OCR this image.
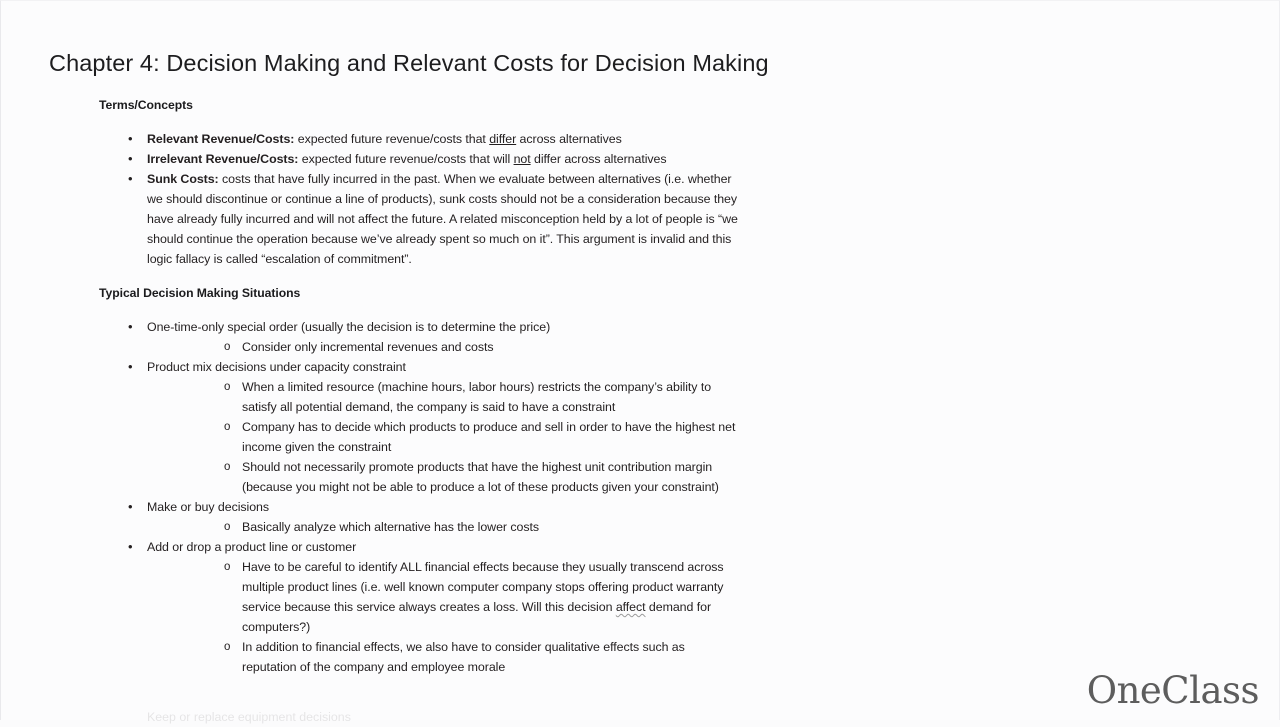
Chapter 4: Decision Making and Relevant Costs for Decision Making
Terms/Concepts
• Relevant Revenue/Costs: expected future revenue/costs that differ across alternatives
• Irrelevant Revenue/Costs: expected future revenue/costs that will not differ across alternatives
• Sunk Costs: costs that have fully incurred in the past. When we evaluate between alternatives (i.e. whether we should discontinue or continue a line of products), sunk costs should not be a consideration because they have already fully incurred and will not affect the future. A related misconception held by a lot of people is “we should continue the operation because we’ve already spent so much on it”. This argument is invalid and this logic fallacy is called “escalation of commitment”.
Typical Decision Making Situations
• One-time-only special order (usually the decision is to determine the price)
o Consider only incremental revenues and costs
• Product mix decisions under capacity constraint
o When a limited resource (machine hours, labor hours) restricts the company’s ability to satisfy all potential demand, the company is said to have a constraint
o Company has to decide which products to produce and sell in order to have the highest net income given the constraint
o Should not necessarily promote products that have the highest unit contribution margin (because you might not be able to produce a lot of these products given your constraint)
• Make or buy decisions
o Basically analyze which alternative has the lower costs
• Add or drop a product line or customer
o Have to be careful to identify ALL financial effects because they usually transcend across multiple product lines (i.e. well known computer company stops offering product warranty service because this service always creates a loss. Will this decision affect demand for computers?)
o In addition to financial effects, we also have to consider qualitative effects such as reputation of the company and employee morale
Keep or replace equipment decisions
OneClass
